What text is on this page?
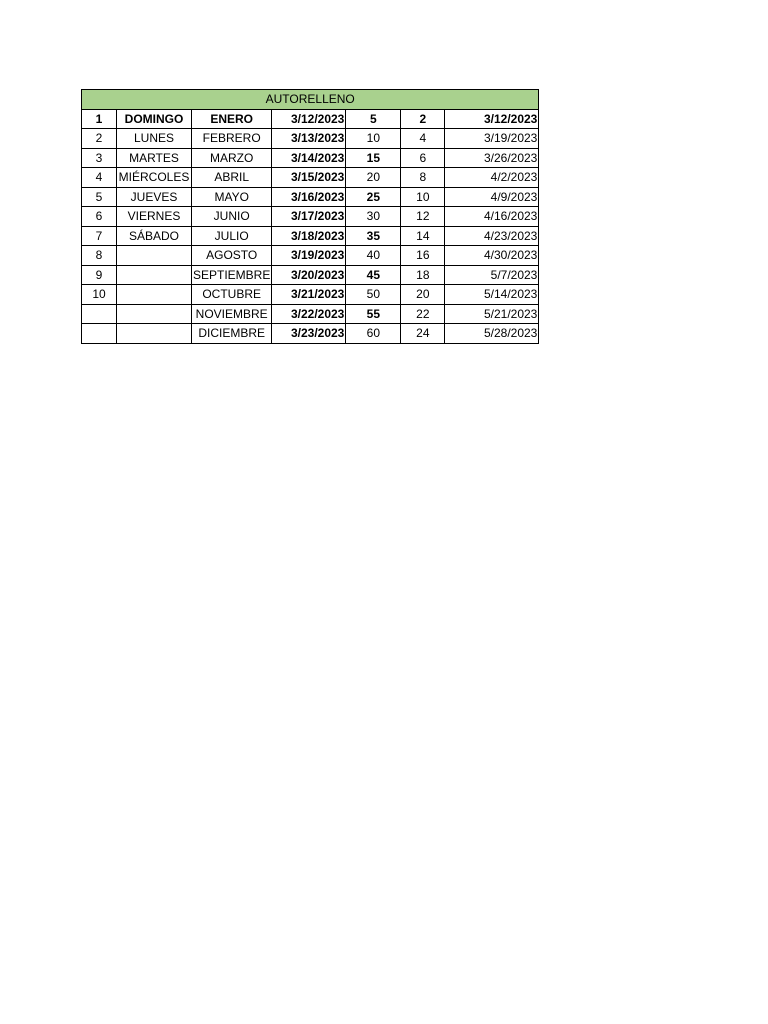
AUTORELLENO						
1	DOMINGO	ENERO	3/12/2023	5	2	3/12/2023
2	LUNES	FEBRERO	3/13/2023	10	4	3/19/2023
3	MARTES	MARZO	3/14/2023	15	6	3/26/2023
4	MIÉRCOLES	ABRIL	3/15/2023	20	8	4/2/2023
5	JUEVES	MAYO	3/16/2023	25	10	4/9/2023
6	VIERNES	JUNIO	3/17/2023	30	12	4/16/2023
7	SÁBADO	JULIO	3/18/2023	35	14	4/23/2023
8		AGOSTO	3/19/2023	40	16	4/30/2023
9		SEPTIEMBRE	3/20/2023	45	18	5/7/2023
10		OCTUBRE	3/21/2023	50	20	5/14/2023
		NOVIEMBRE	3/22/2023	55	22	5/21/2023
		DICIEMBRE	3/23/2023	60	24	5/28/2023
